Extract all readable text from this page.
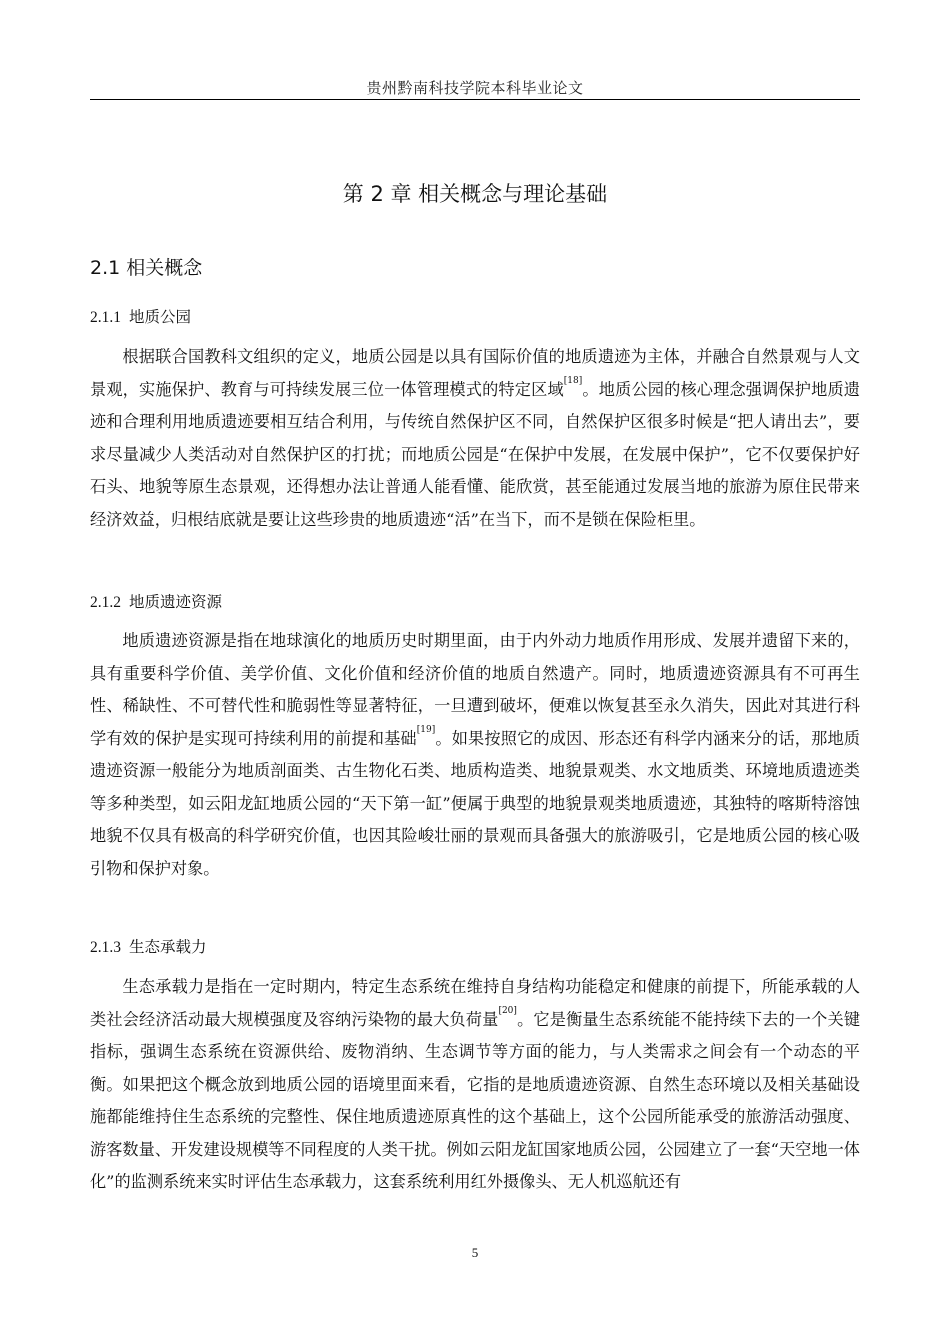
贵州黔南科技学院本科毕业论文
第 2 章 相关概念与理论基础
2.1 相关概念
2.1.1 地质公园
根据联合国教科文组织的定义，地质公园是以具有国际价值的地质遗迹为主体，并融合自然景观与人文景观，实施保护、教育与可持续发展三位一体管理模式的特定区域[18]。地质公园的核心理念强调保护地质遗迹和合理利用地质遗迹要相互结合利用，与传统自然保护区不同，自然保护区很多时候是“把人请出去”，要求尽量减少人类活动对自然保护区的打扰；而地质公园是“在保护中发展，在发展中保护”，它不仅要保护好石头、地貌等原生态景观，还得想办法让普通人能看懂、能欣赏，甚至能通过发展当地的旅游为原住民带来经济效益，归根结底就是要让这些珍贵的地质遗迹“活”在当下，而不是锁在保险柜里。
2.1.2 地质遗迹资源
地质遗迹资源是指在地球演化的地质历史时期里面，由于内外动力地质作用形成、发展并遗留下来的，具有重要科学价值、美学价值、文化价值和经济价值的地质自然遗产。同时，地质遗迹资源具有不可再生性、稀缺性、不可替代性和脆弱性等显著特征，一旦遭到破坏，便难以恢复甚至永久消失，因此对其进行科学有效的保护是实现可持续利用的前提和基础[19]。如果按照它的成因、形态还有科学内涵来分的话，那地质遗迹资源一般能分为地质剖面类、古生物化石类、地质构造类、地貌景观类、水文地质类、环境地质遗迹类等多种类型，如云阳龙缸地质公园的“天下第一缸”便属于典型的地貌景观类地质遗迹，其独特的喀斯特溶蚀地貌不仅具有极高的科学研究价值，也因其险峻壮丽的景观而具备强大的旅游吸引，它是地质公园的核心吸引物和保护对象。
2.1.3 生态承载力
生态承载力是指在一定时期内，特定生态系统在维持自身结构功能稳定和健康的前提下，所能承载的人类社会经济活动最大规模强度及容纳污染物的最大负荷量[20]。它是衡量生态系统能不能持续下去的一个关键指标，强调生态系统在资源供给、废物消纳、生态调节等方面的能力，与人类需求之间会有一个动态的平衡。如果把这个概念放到地质公园的语境里面来看，它指的是地质遗迹资源、自然生态环境以及相关基础设施都能维持住生态系统的完整性、保住地质遗迹原真性的这个基础上，这个公园所能承受的旅游活动强度、游客数量、开发建设规模等不同程度的人类干扰。例如云阳龙缸国家地质公园，公园建立了一套“天空地一体化”的监测系统来实时评估生态承载力，这套系统利用红外摄像头、无人机巡航还有
5
